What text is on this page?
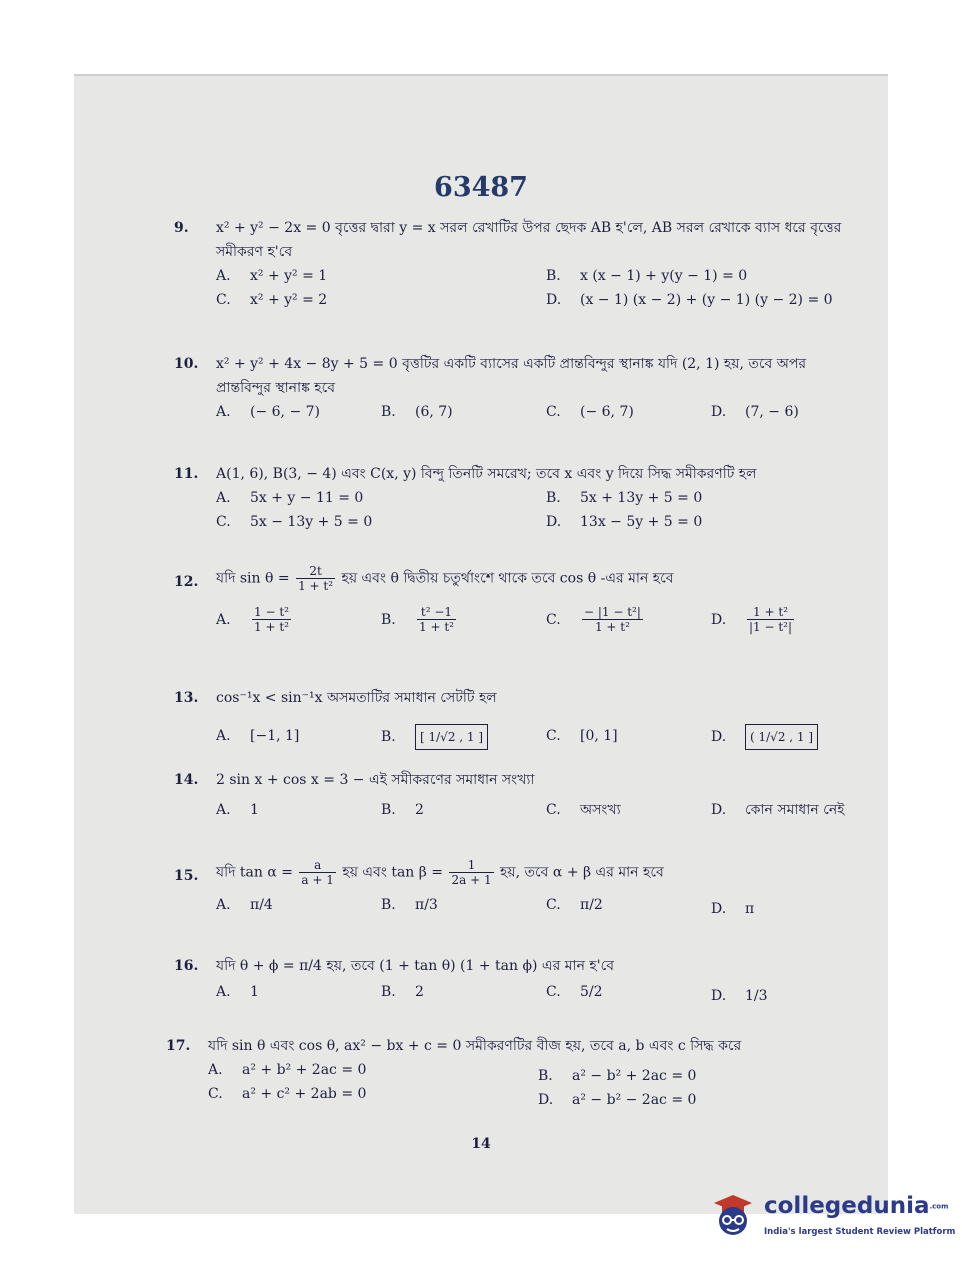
63487
9. x² + y² − 2x = 0 বৃত্তের দ্বারা y = x সরল রেখাটির উপর ছেদক AB হ'লে, AB সরল রেখাকে ব্যাস ধরে বৃত্তের সমীকরণ হ'বে
A. x² + y² = 1	B. x (x − 1) + y(y − 1) = 0
C. x² + y² = 2	D. (x − 1) (x − 2) + (y − 1) (y − 2) = 0
10. x² + y² + 4x − 8y + 5 = 0 বৃত্তটির একটি ব্যাসের একটি প্রান্তবিন্দুর স্থানাঙ্ক যদি (2, 1) হয়, তবে অপর প্রান্তবিন্দুর স্থানাঙ্ক হবে
A. (− 6, − 7)	B. (6, 7)	C. (− 6, 7)	D. (7, − 6)
11. A(1, 6), B(3, − 4) এবং C(x, y) বিন্দু তিনটি সমরেখ; তবে x এবং y দিয়ে সিদ্ধ সমীকরণটি হল
A. 5x + y − 11 = 0	B. 5x + 13y + 5 = 0
C. 5x − 13y + 5 = 0	D. 13x − 5y + 5 = 0
12. যদি $\sin \theta = \frac{2t}{\text{1 + t²}}$ হয় এবং θ দ্বিতীয় চতুর্থাংশে থাকে তবে cos θ -এর মান হবে
A. $\frac{\text{1 − t²}}{\text{1 + t²}}$	B. $\frac{\text{t² −1}}{\text{1 + t²}}$	C. $\frac{\text{− |1 − t²|}}{\text{1 + t²}}$	D. $\frac{\text{1 + t²}}{\text{|1 − t²|}}$
13. cos⁻¹x < sin⁻¹x অসমতাটির সমাধান সেটটি হল
A. [−1, 1]	B. [ 1/√2 , 1 ]	C. [0, 1]	D. ( 1/√2 , 1 ]
14. 2 sin x + cos x = 3 − এই সমীকরণের সমাধান সংখ্যা
A. 1	B. 2	C. অসংখ্য	D. কোন সমাধান নেই
15. যদি $\tan \alpha = \frac{a}{a + 1}$ হয় এবং $\tan \beta = \frac{1}{2a + 1}$ হয়, তবে α + β এর মান হবে
A. π/4	B. π/3	C. π/2	D. π
16. যদি θ + ϕ = π/4 হয়, তবে (1 + tan θ) (1 + tan ϕ) এর মান হ'বে
A. 1	B. 2	C. 5/2	D. 1/3
17. যদি sin θ এবং cos θ, ax² − bx + c = 0 সমীকরণটির বীজ হয়, তবে a, b এবং c সিদ্ধ করে
A. a² + b² + 2ac = 0	B. a² − b² + 2ac = 0
C. a² + c² + 2ab = 0	D. a² − b² − 2ac = 0
14
collegedunia.com
India's largest Student Review Platform
